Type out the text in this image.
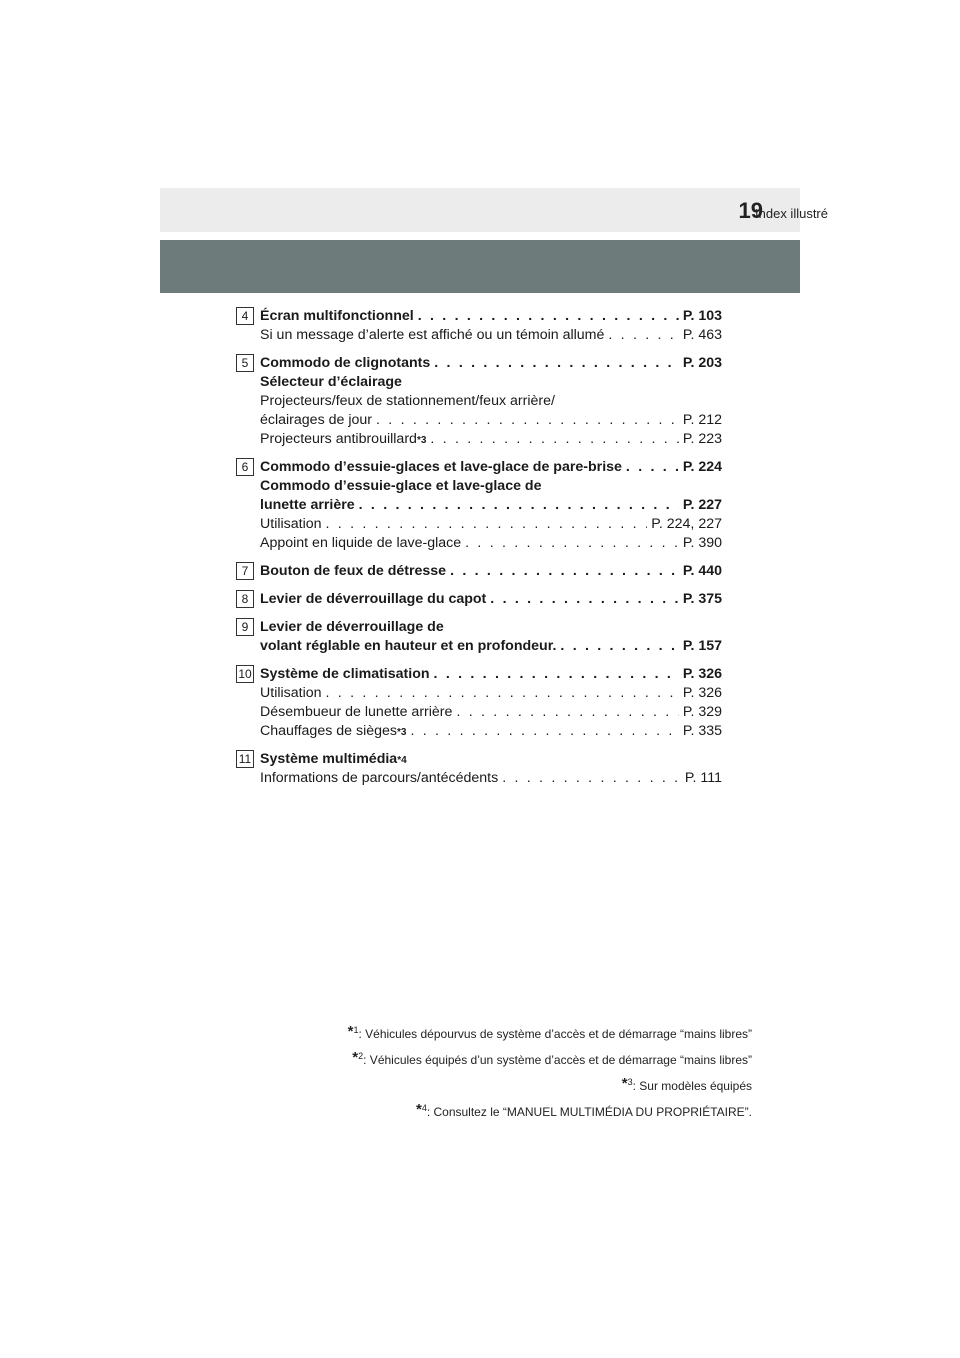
Index illustré
19
4 Écran multifonctionnel . . .	P. 103
Si un message d’alerte est affiché ou un témoin allumé . . .	P. 463
5 Commodo de clignotants . . .	P. 203
Sélecteur d’éclairage
Projecteurs/feux de stationnement/feux arrière/
éclairages de jour . . .	P. 212
Projecteurs antibrouillard *3 . . .	P. 223
6 Commodo d’essuie-glaces et lave-glace de pare-brise . . .	P. 224
Commodo d’essuie-glace et lave-glace de
lunette arrière . . .	P. 227
Utilisation . . .	P. 224, 227
Appoint en liquide de lave-glace . . .	P. 390
7 Bouton de feux de détresse . . .	P. 440
8 Levier de déverrouillage du capot . . .	P. 375
9 Levier de déverrouillage de
volant réglable en hauteur et en profondeur. . . .	P. 157
10 Système de climatisation . . .	P. 326
Utilisation . . .	P. 326
Désembueur de lunette arrière . . .	P. 329
Chauffages de sièges *3 . . .	P. 335
11 Système multimédia *4
Informations de parcours/antécédents . . .	P. 111
*$^1$: Véhicules dépourvus de système d’accès et de démarrage “mains libres”
*$^2$: Véhicules équipés d’un système d’accès et de démarrage “mains libres”
*$^3$: Sur modèles équipés
*$^4$: Consultez le “MANUEL MULTIMÉDIA DU PROPRIÉTAIRE”.
